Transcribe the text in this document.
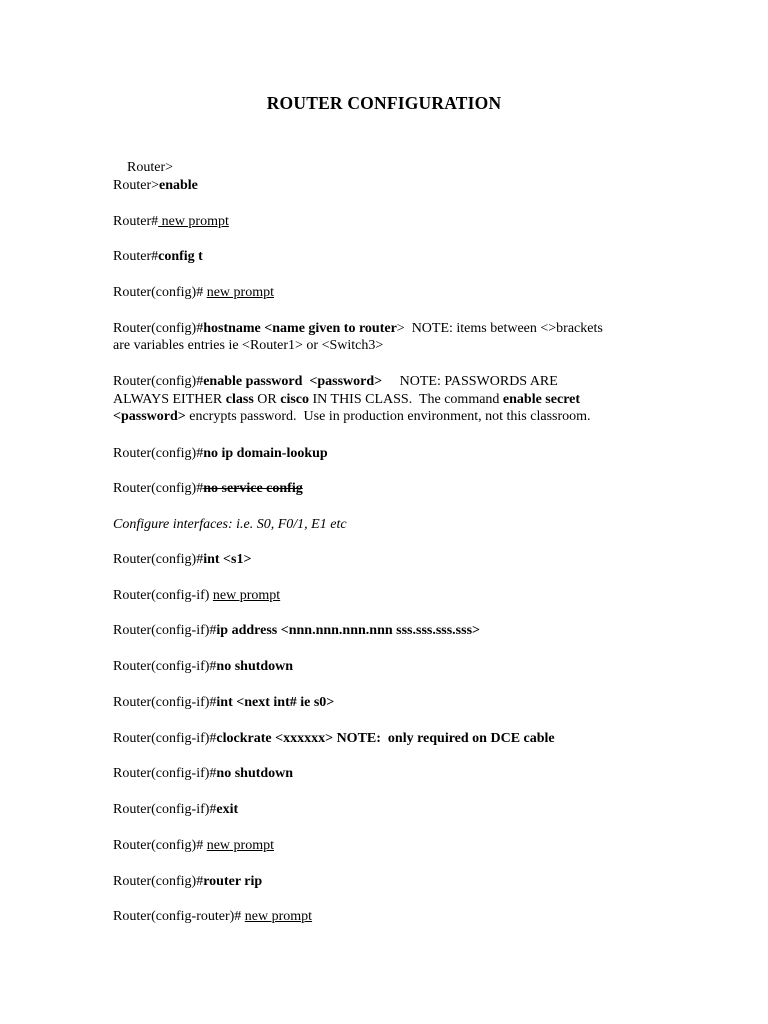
ROUTER CONFIGURATION

Router>

Router>enable
Router# new prompt
Router#config t
Router(config)# new prompt
Router(config)#hostname <name given to router>  NOTE: items between <>brackets
are variables entries ie <Router1> or <Switch3>
Router(config)#enable password  <password>     NOTE: PASSWORDS ARE
ALWAYS EITHER class OR cisco IN THIS CLASS.  The command enable secret
<password> encrypts password.  Use in production environment, not this classroom.
Router(config)#no ip domain-lookup
Router(config)#no service config
Configure interfaces: i.e. S0, F0/1, E1 etc
Router(config)#int <s1>
Router(config-if) new prompt
Router(config-if)#ip address <nnn.nnn.nnn.nnn sss.sss.sss.sss>
Router(config-if)#no shutdown
Router(config-if)#int <next int# ie s0>
Router(config-if)#clockrate <xxxxxx> NOTE:  only required on DCE cable
Router(config-if)#no shutdown
Router(config-if)#exit
Router(config)# new prompt
Router(config)#router rip
Router(config-router)# new prompt
